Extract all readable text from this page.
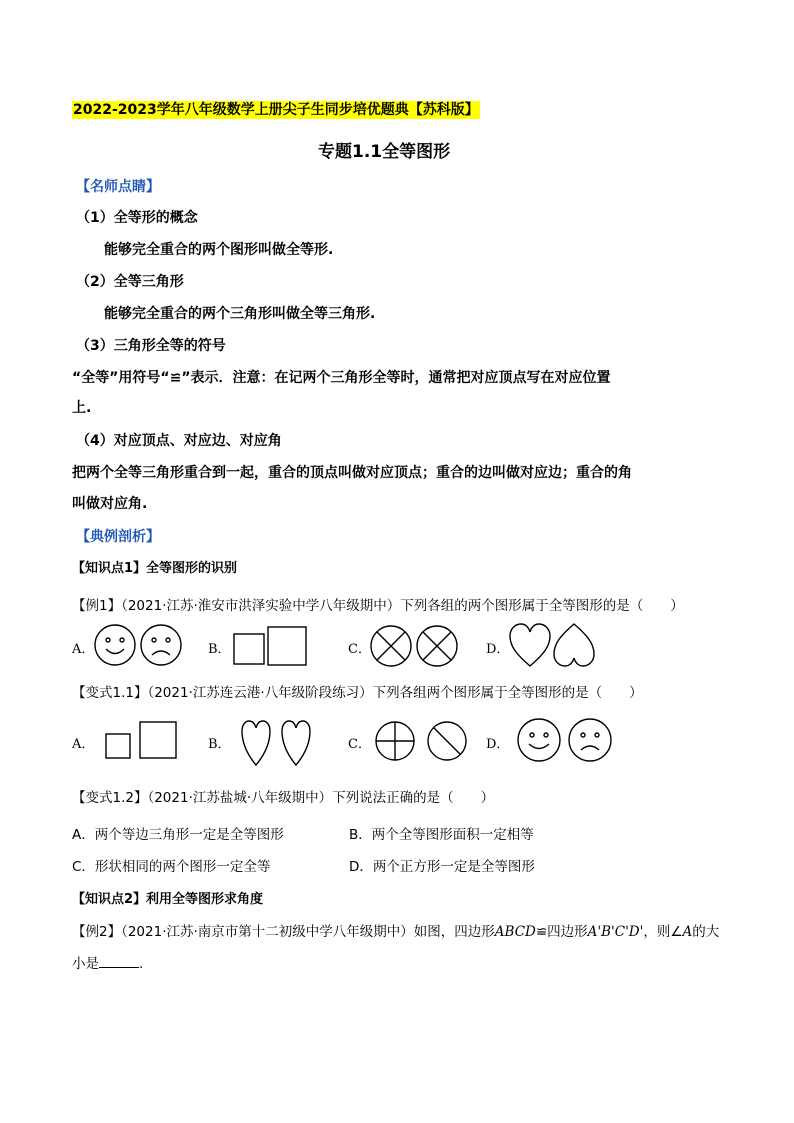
2022-2023学年八年级数学上册尖子生同步培优题典【苏科版】
专题1.1全等图形
【名师点睛】
（1）全等形的概念
能够完全重合的两个图形叫做全等形.
（2）全等三角形
能够完全重合的两个三角形叫做全等三角形.
（3）三角形全等的符号
“全等”用符号“≌”表示．注意：在记两个三角形全等时，通常把对应顶点写在对应位置
上.
（4）对应顶点、对应边、对应角
把两个全等三角形重合到一起，重合的顶点叫做对应顶点；重合的边叫做对应边；重合的角
叫做对应角.
【典例剖析】
【知识点1】全等图形的识别
【例1】（2021·江苏·淮安市洪泽实验中学八年级期中）下列各组的两个图形属于全等图形的是（　　）
A．	B．	C．	D．
【变式1.1】（2021·江苏连云港·八年级阶段练习）下列各组两个图形属于全等图形的是（　　）
A．	B．	C．	D．
【变式1.2】（2021·江苏盐城·八年级期中）下列说法正确的是（　　）
A．两个等边三角形一定是全等图形	B．两个全等图形面积一定相等
C．形状相同的两个图形一定全等	D．两个正方形一定是全等图形
【知识点2】利用全等图形求角度
【例2】（2021·江苏·南京市第十二初级中学八年级期中）如图，四边形ABCD≌四边形A'B'C'D'，则∠A的大
小是	.
